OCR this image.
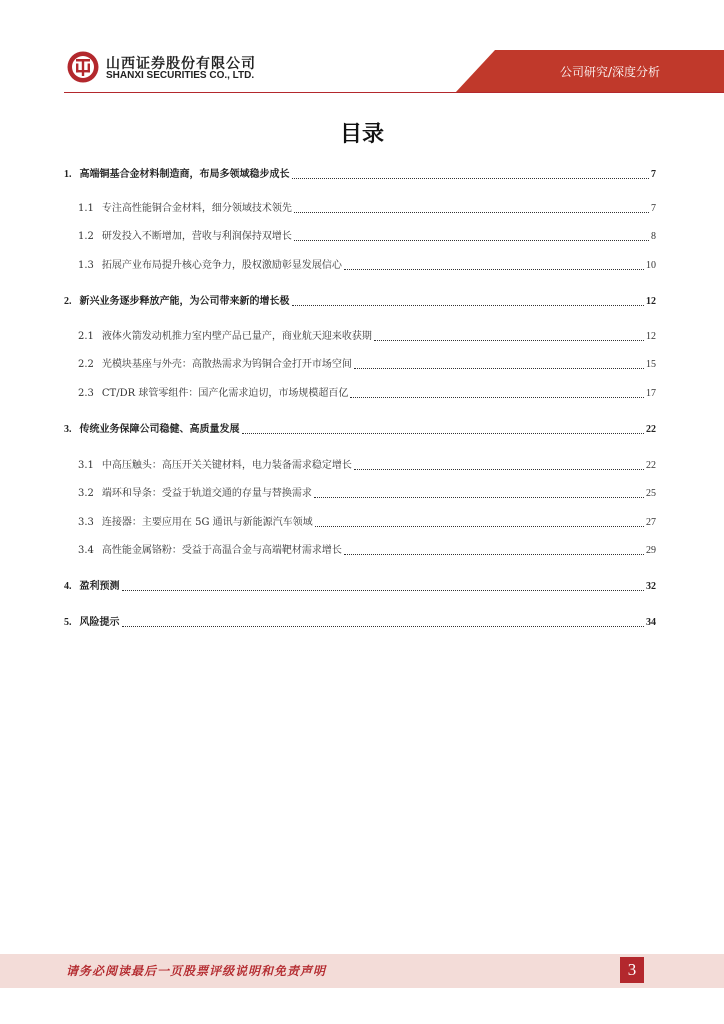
山西证券股份有限公司
SHANXI SECURITIES CO., LTD.	公司研究/深度分析
目录
1. 高端铜基合金材料制造商，布局多领域稳步成长	7
1.1 专注高性能铜合金材料，细分领域技术领先	7
1.2 研发投入不断增加，营收与利润保持双增长	8
1.3 拓展产业布局提升核心竞争力，股权激励彰显发展信心	10
2. 新兴业务逐步释放产能，为公司带来新的增长极	12
2.1 液体火箭发动机推力室内壁产品已量产，商业航天迎来收获期	12
2.2 光模块基座与外壳：高散热需求为钨铜合金打开市场空间	15
2.3 CT/DR 球管零组件：国产化需求迫切，市场规模超百亿	17
3. 传统业务保障公司稳健、高质量发展	22
3.1 中高压触头：高压开关关键材料，电力装备需求稳定增长	22
3.2 端环和导条：受益于轨道交通的存量与替换需求	25
3.3 连接器：主要应用在 5G 通讯与新能源汽车领域	27
3.4 高性能金属铬粉：受益于高温合金与高端靶材需求增长	29
4. 盈利预测	32
5. 风险提示	34
请务必阅读最后一页股票评级说明和免责声明	3
